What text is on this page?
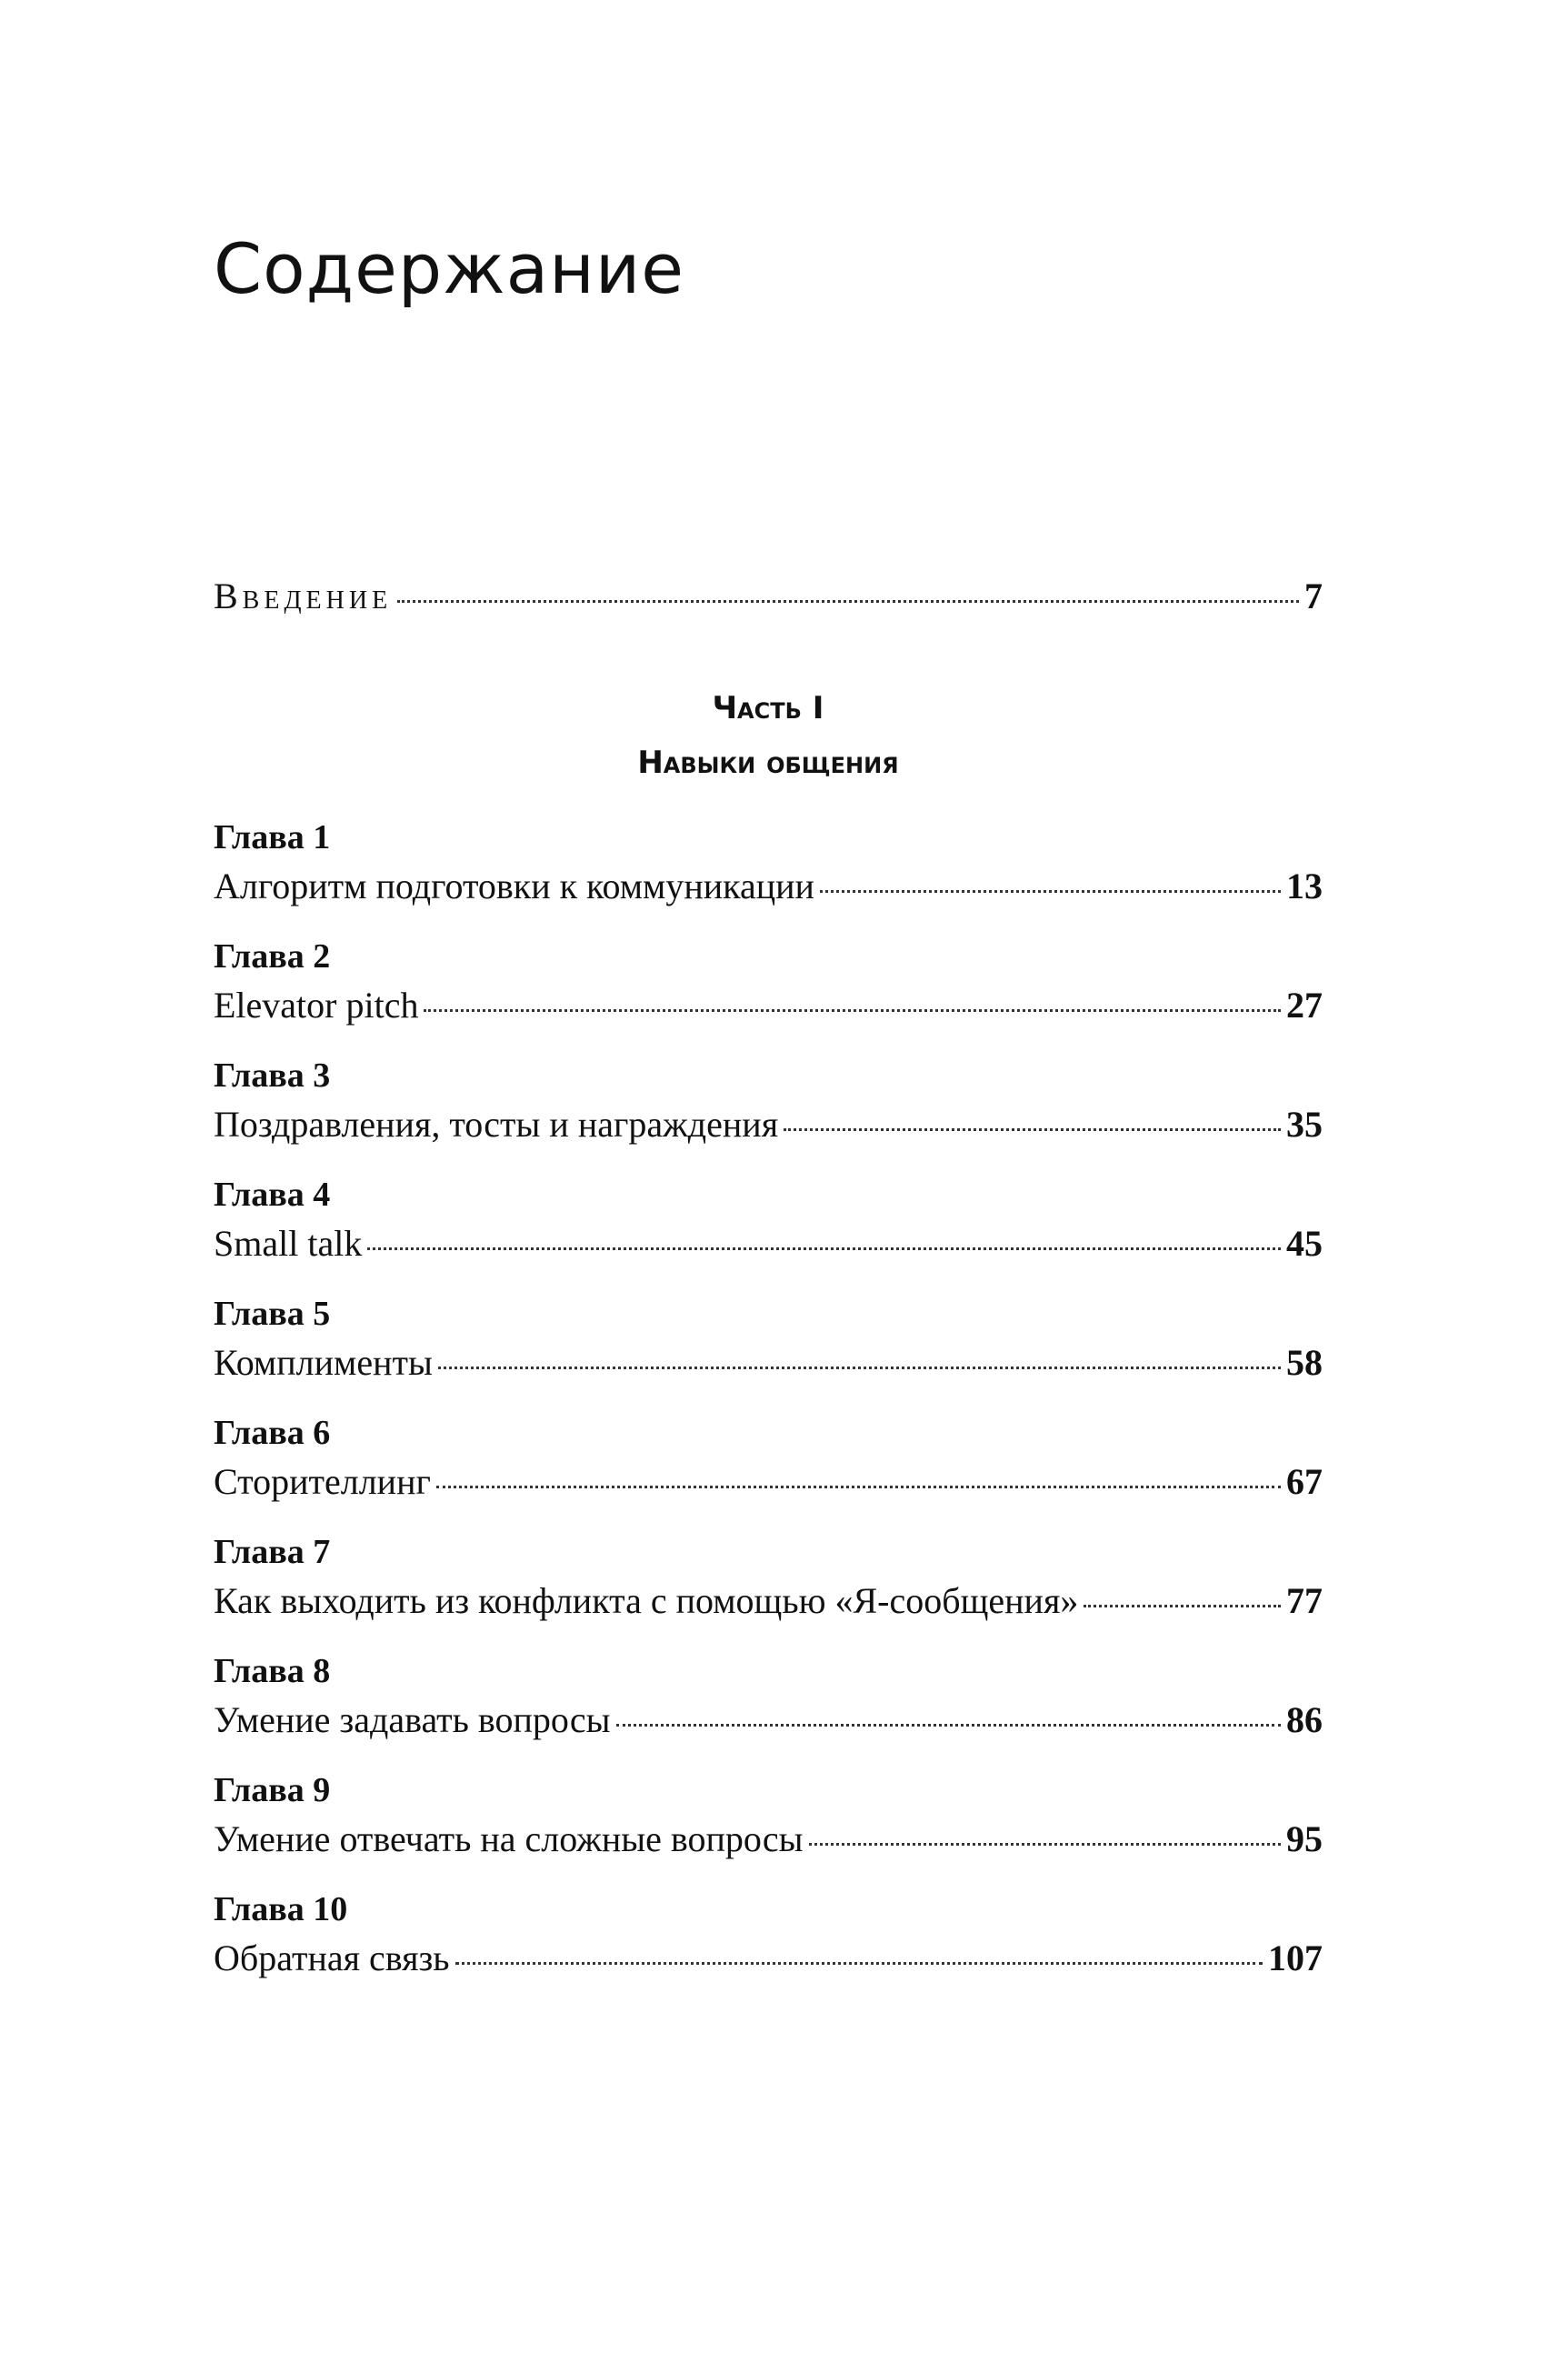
Содержание
Введение	7
Часть I
Навыки общения
Глава 1
Алгоритм подготовки к коммуникации	13
Глава 2
Elevator pitch	27
Глава 3
Поздравления, тосты и награждения	35
Глава 4
Small talk	45
Глава 5
Комплименты	58
Глава 6
Сторителлинг	67
Глава 7
Как выходить из конфликта с помощью «Я-сообщения»	77
Глава 8
Умение задавать вопросы	86
Глава 9
Умение отвечать на сложные вопросы	95
Глава 10
Обратная связь	107
